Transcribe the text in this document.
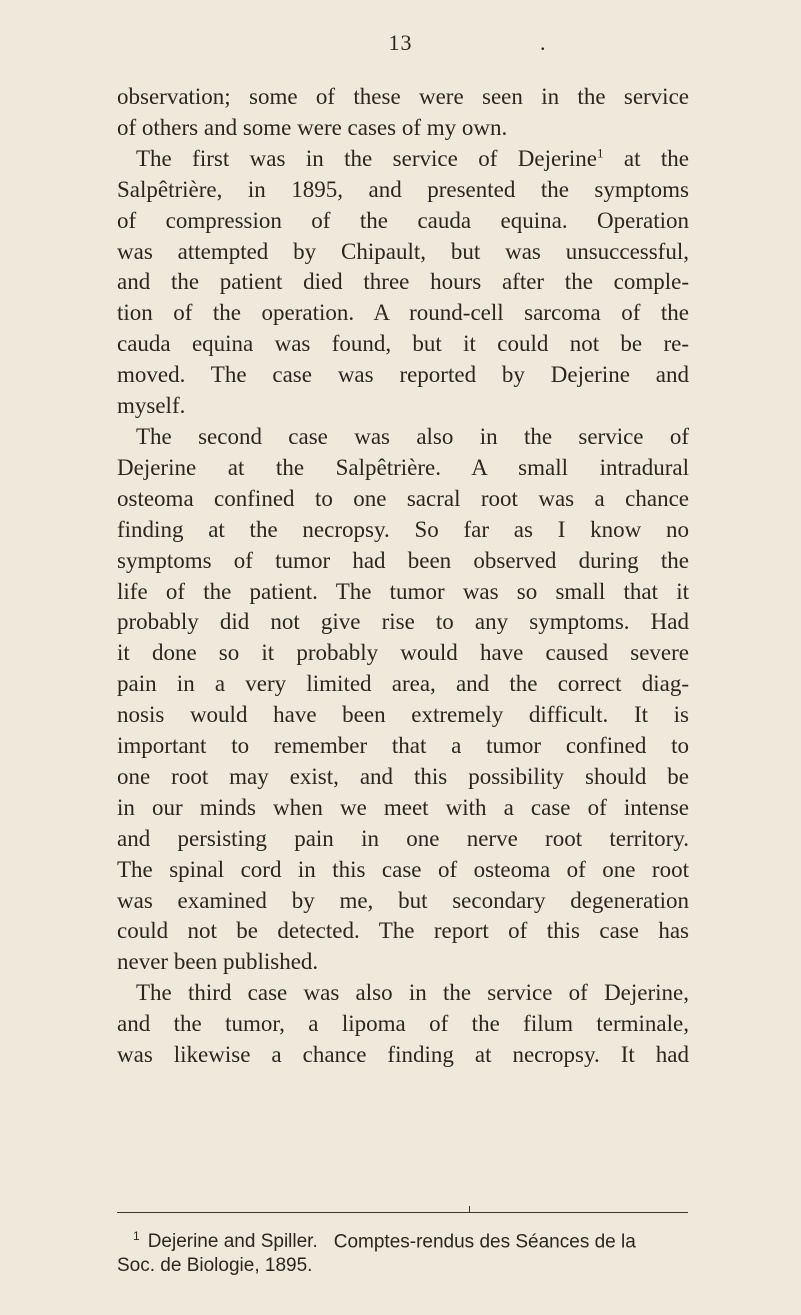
13	.
observation; some of these were seen in the service
of others and some were cases of my own.
The first was in the service of Dejerine$^1$ at the
Salpêtrière, in 1895, and presented the symptoms
of compression of the cauda equina. Operation
was attempted by Chipault, but was unsuccessful,
and the patient died three hours after the comple-
tion of the operation. A round-cell sarcoma of the
cauda equina was found, but it could not be re-
moved. The case was reported by Dejerine and
myself.
The second case was also in the service of
Dejerine at the Salpêtrière. A small intradural
osteoma confined to one sacral root was a chance
finding at the necropsy. So far as I know no
symptoms of tumor had been observed during the
life of the patient. The tumor was so small that it
probably did not give rise to any symptoms. Had
it done so it probably would have caused severe
pain in a very limited area, and the correct diag-
nosis would have been extremely difficult. It is
important to remember that a tumor confined to
one root may exist, and this possibility should be
in our minds when we meet with a case of intense
and persisting pain in one nerve root territory.
The spinal cord in this case of osteoma of one root
was examined by me, but secondary degeneration
could not be detected. The report of this case has
never been published.
The third case was also in the service of Dejerine,
and the tumor, a lipoma of the filum terminale,
was likewise a chance finding at necropsy. It had
$^1$ Dejerine and Spiller. Comptes-rendus des Séances de la
Soc. de Biologie, 1895.
